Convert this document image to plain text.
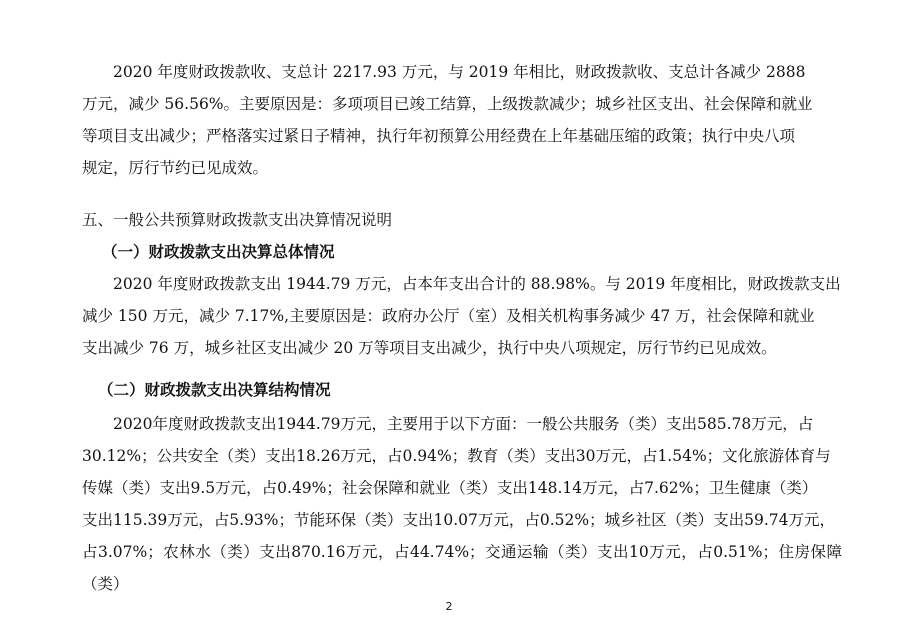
2020 年度财政拨款收、支总计 2217.93 万元，与 2019 年相比，财政拨款收、支总计各减少 2888
万元，减少 56.56%。主要原因是：多项项目已竣工结算，上级拨款减少；城乡社区支出、社会保障和就业
等项目支出减少；严格落实过紧日子精神，执行年初预算公用经费在上年基础压缩的政策；执行中央八项
规定，厉行节约已见成效。
五、一般公共预算财政拨款支出决算情况说明
（一）财政拨款支出决算总体情况
2020 年度财政拨款支出 1944.79 万元，占本年支出合计的 88.98%。与 2019 年度相比，财政拨款支出
减少 150 万元，减少 7.17%,主要原因是：政府办公厅（室）及相关机构事务减少 47 万，社会保障和就业
支出减少 76 万，城乡社区支出减少 20 万等项目支出减少，执行中央八项规定，厉行节约已见成效。
（二）财政拨款支出决算结构情况
2020年度财政拨款支出1944.79万元，主要用于以下方面：一般公共服务（类）支出585.78万元，占
30.12%；公共安全（类）支出18.26万元，占0.94%；教育（类）支出30万元，占1.54%；文化旅游体育与
传媒（类）支出9.5万元，占0.49%；社会保障和就业（类）支出148.14万元，占7.62%；卫生健康（类）
支出115.39万元，占5.93%；节能环保（类）支出10.07万元，占0.52%；城乡社区（类）支出59.74万元，
占3.07%；农林水（类）支出870.16万元，占44.74%；交通运输（类）支出10万元，占0.51%；住房保障（类）
2
